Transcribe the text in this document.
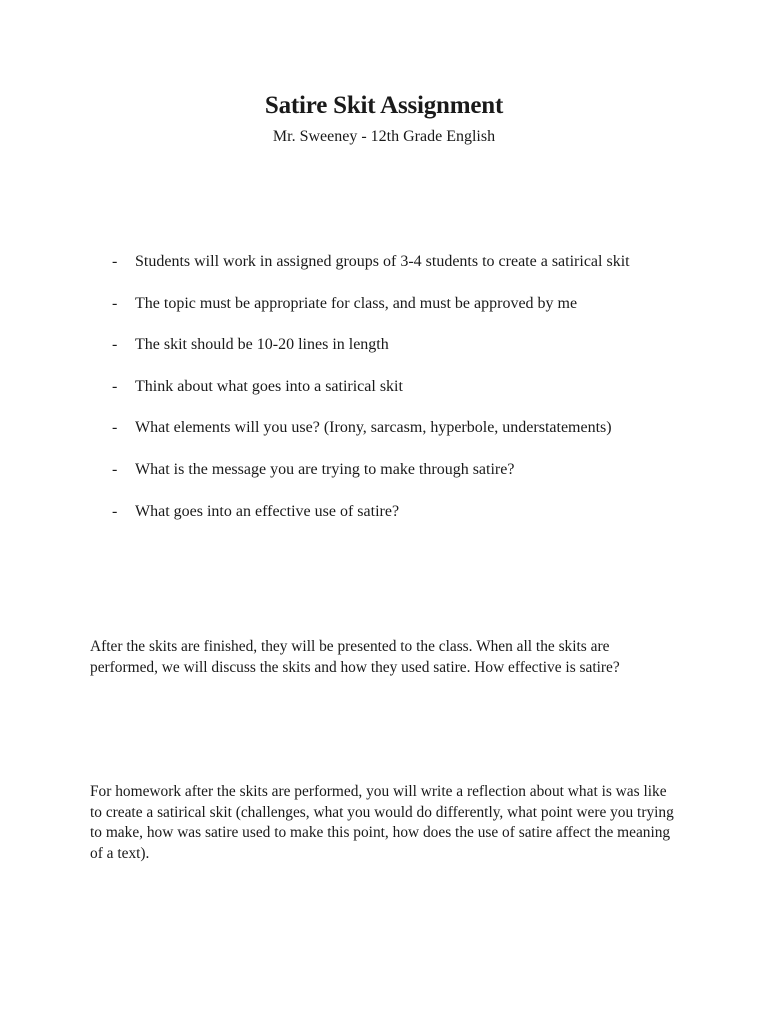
Satire Skit Assignment

Mr. Sweeney - 12th Grade English

- Students will work in assigned groups of 3-4 students to create a satirical skit
- The topic must be appropriate for class, and must be approved by me
- The skit should be 10-20 lines in length
- Think about what goes into a satirical skit
- What elements will you use? (Irony, sarcasm, hyperbole, understatements)
- What is the message you are trying to make through satire?
- What goes into an effective use of satire?

After the skits are finished, they will be presented to the class. When all the skits are performed, we will discuss the skits and how they used satire. How effective is satire?

For homework after the skits are performed, you will write a reflection about what is was like to create a satirical skit (challenges, what you would do differently, what point were you trying to make, how was satire used to make this point, how does the use of satire affect the meaning of a text).
